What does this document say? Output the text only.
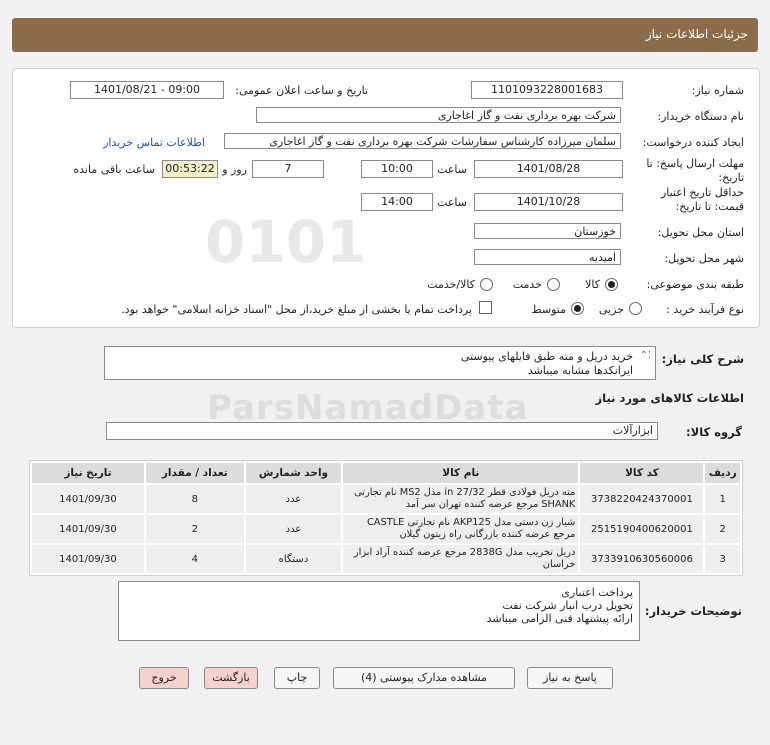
جزئیات اطلاعات نیاز
شماره نیاز:
1101093228001683
تاریخ و ساعت اعلان عمومی:
1401/08/21 - 09:00
نام دستگاه خریدار:
شرکت بهره برداری نفت و گاز اغاجاری
ایجاد کننده درخواست:
سلمان میرزاده کارشناس سفارشات شرکت بهره برداری نفت و گاز اغاجاری
اطلاعات تماس خریدار
مهلت ارسال پاسخ: تا تاریخ:
1401/08/28
ساعت
10:00
7
روز و
00:53:22
ساعت باقی مانده
حداقل تاریخ اعتبار قیمت: تا تاریخ:
1401/10/28
ساعت
14:00
استان محل تحویل:
خوزستان
شهر محل تحویل:
امیدیه
طبقه بندی موضوعی:
کالا
خدمت
کالا/خدمت
نوع فرآیند خرید :
جزیی
متوسط
پرداخت تمام یا بخشی از مبلغ خرید،از محل "اسناد خزانه اسلامی" خواهد بود.
شرح کلی نیاز:
⌃⁚
خرید دریل و مته طبق فایلهای پیوستی
ایرانکدها مشابه میباشد
اطلاعات کالاهای مورد نیاز
گروه کالا:
ابزارآلات
0101
ParsNamadData
تاریخ نیاز	تعداد / مقدار	واحد شمارش	نام کالا	کد کالا	ردیف
1401/09/30	8	عدد	مته دریل فولادی قطر 27/32 in مدل MS2 نام تجارتی SHANK مرجع عرضه کننده تهران سر آمد	3738220424370001	1
1401/09/30	2	عدد	شیار زن دستی مدل AKP125 نام تجارتی CASTLE مرجع عرضه کننده بازرگانی راه زیتون گیلان	2515190400620001	2
1401/09/30	4	دستگاه	دریل تخریب مدل 2838G مرجع عرضه کننده آراد ابزار خراسان	3733910630560006	3
توضیحات خریدار:
پرداخت اعتباری
تحویل درب انبار شرکت نفت
ارائه پیشنهاد فنی الزامی میباشد
پاسخ به نیاز
مشاهده مدارک پیوستی (4)
چاپ
بازگشت
خروج
